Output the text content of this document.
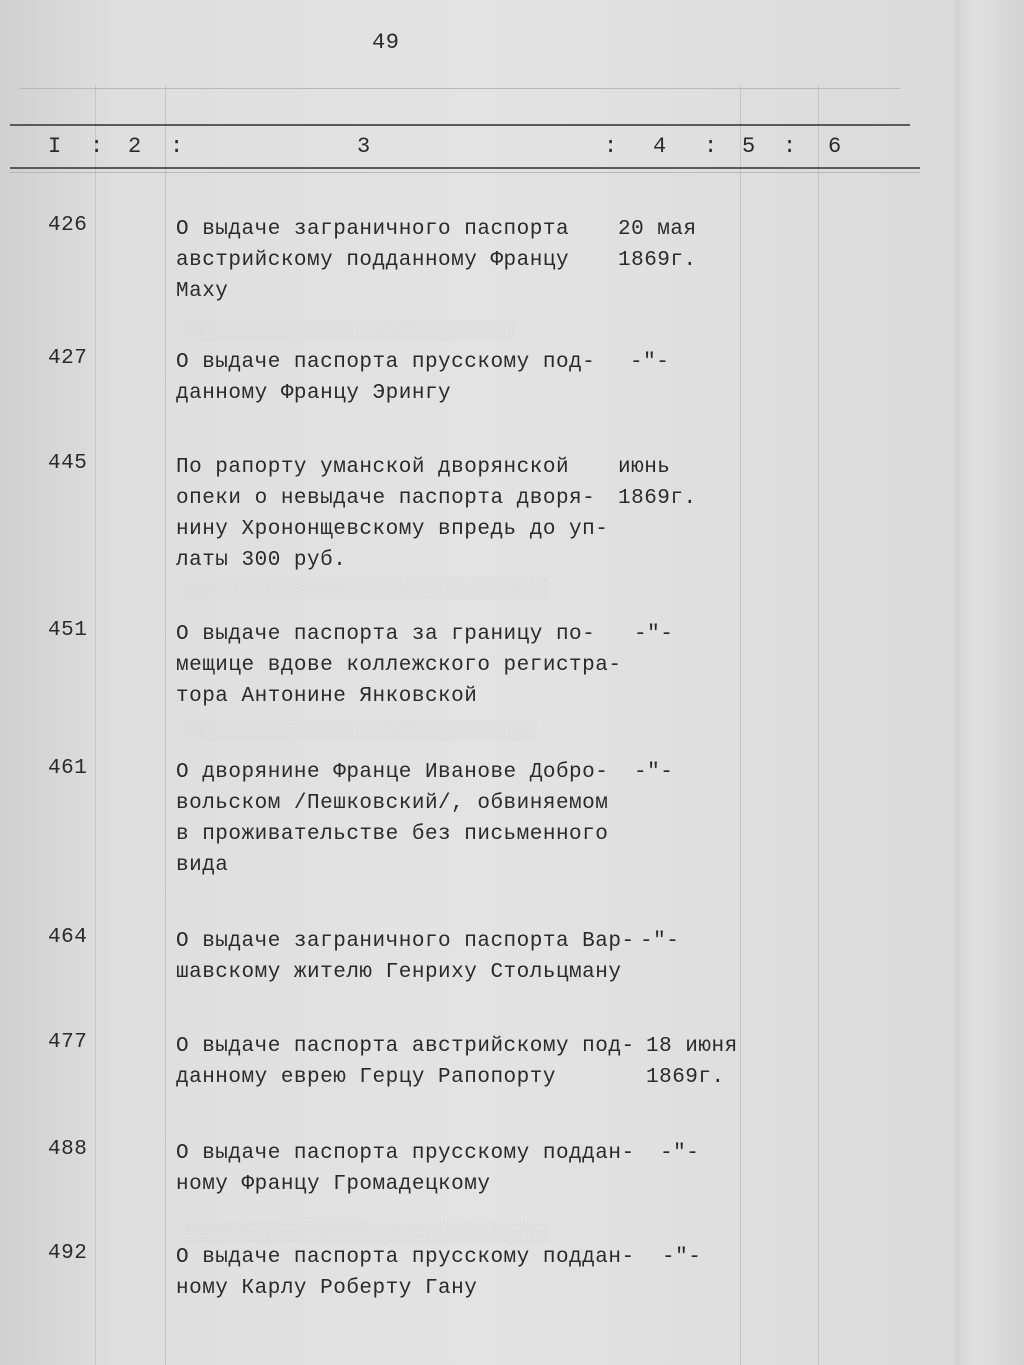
░░░░░░░░░░░░░░░░░░░░░░░░░░░░░
░░░░░░░░░░░░░░░░░░░░░░░░░░░░░░░░
░░░░░░░░░░░░░░░░░░░░░░░░░░░░░░░
░░░░░░░░░░░░░░░░░░░░░░░░░░░░░░░░
49
I : 2 :	3	: 4 : 5 : 6
426	О выдаче заграничного паспорта
австрийскому подданному Францу
Маху
20 мая
1869г.
427	О выдаче паспорта прусскому под-
данному Францу Эрингу
-"-
445	По рапорту уманской дворянской
опеки о невыдаче паспорта дворя-
нину Хрононщевскому впредь до уп-
латы 300 руб.
июнь
1869г.
451	О выдаче паспорта за границу по-
мещице вдове коллежского регистра-
тора Антонине Янковской
-"-
461	О дворянине Франце Иванове Добро-
вольском /Пешковский/, обвиняемом
в проживательстве без письменного
вида
-"-
464	О выдаче заграничного паспорта Вар-
шавскому жителю Генриху Стольцману
-"-
477	О выдаче паспорта австрийскому под-
данному еврею Герцу Рапопорту
18 июня
1869г.
488	О выдаче паспорта прусскому поддан-
ному Францу Громадецкому
-"-
492	О выдаче паспорта прусскому поддан-
ному Карлу Роберту Гану
-"-
